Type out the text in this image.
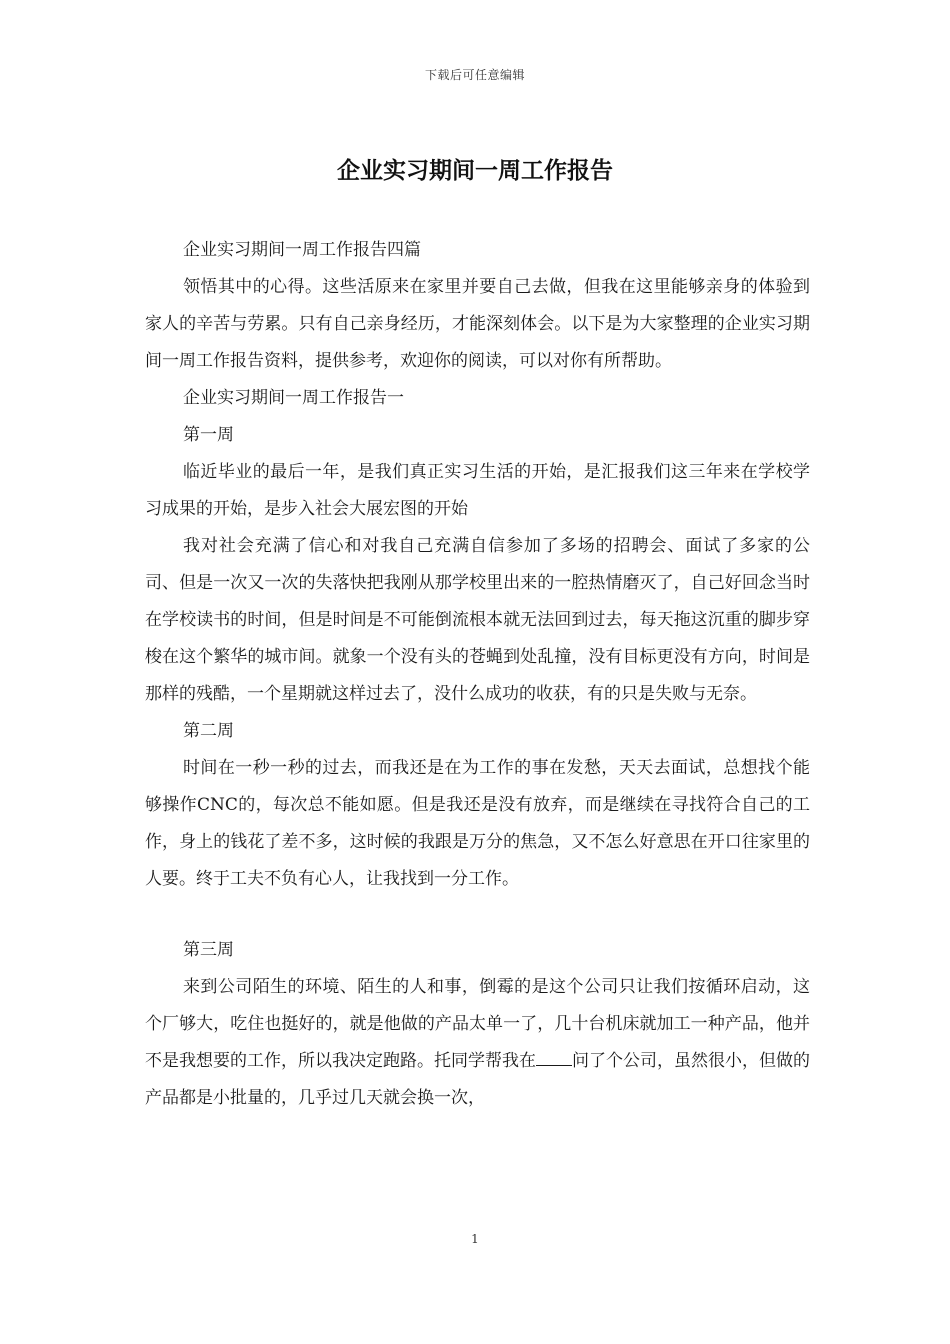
下载后可任意编辑
企业实习期间一周工作报告

企业实习期间一周工作报告四篇

领悟其中的心得。这些活原来在家里并要自己去做，但我在这里能够亲身的体验到家人的辛苦与劳累。只有自己亲身经历，才能深刻体会。以下是为大家整理的企业实习期间一周工作报告资料，提供参考，欢迎你的阅读，可以对你有所帮助。

企业实习期间一周工作报告一

第一周

临近毕业的最后一年，是我们真正实习生活的开始，是汇报我们这三年来在学校学习成果的开始，是步入社会大展宏图的开始

我对社会充满了信心和对我自己充满自信参加了多场的招聘会、面试了多家的公司、但是一次又一次的失落快把我刚从那学校里出来的一腔热情磨灭了，自己好回念当时在学校读书的时间，但是时间是不可能倒流根本就无法回到过去，每天拖这沉重的脚步穿梭在这个繁华的城市间。就象一个没有头的苍蝇到处乱撞，没有目标更没有方向，时间是那样的残酷，一个星期就这样过去了，没什么成功的收获，有的只是失败与无奈。

第二周

时间在一秒一秒的过去，而我还是在为工作的事在发愁，天天去面试，总想找个能够操作CNC的，每次总不能如愿。但是我还是没有放弃，而是继续在寻找符合自己的工作，身上的钱花了差不多，这时候的我跟是万分的焦急，又不怎么好意思在开口往家里的人要。终于工夫不负有心人，让我找到一分工作。

第三周

来到公司陌生的环境、陌生的人和事，倒霉的是这个公司只让我们按循环启动，这个厂够大，吃住也挺好的，就是他做的产品太单一了，几十台机床就加工一种产品，他并不是我想要的工作，所以我决定跑路。托同学帮我在 问了个公司，虽然很小，但做的产品都是小批量的，几乎过几天就会换一次，

1
